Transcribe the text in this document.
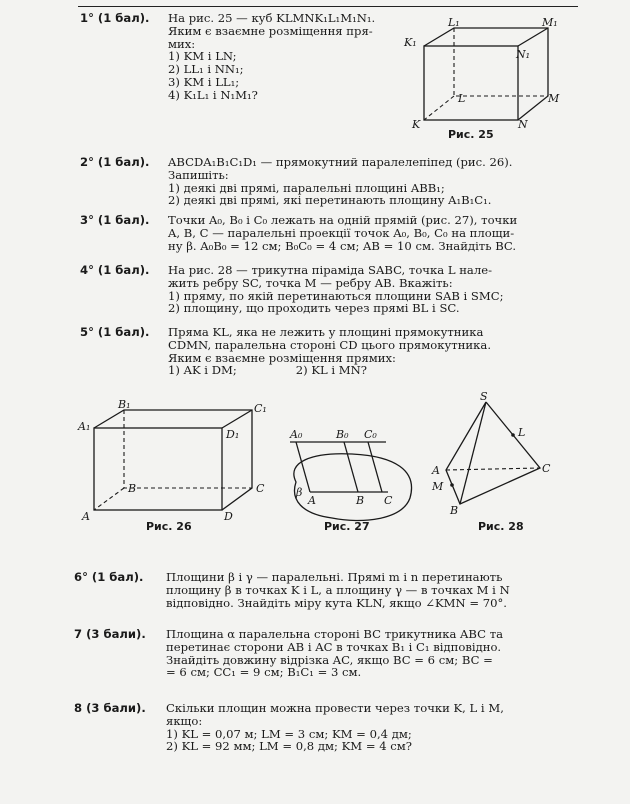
1° (1 бал). На рис. 25 — куб KLMNK₁L₁M₁N₁.
Яким є взаємне розміщення пря-
мих:
1) KM і LN;
2) LL₁ і NN₁;
3) KM і LL₁;
4) K₁L₁ і N₁M₁?
L₁	M₁
K₁
N₁
L	M
K	N
Рис. 25
2° (1 бал). ABCDA₁B₁C₁D₁ — прямокутний паралелепіпед (рис. 26).
Запишіть:
1) деякі дві прямі, паралельні площині ABB₁;
2) деякі дві прямі, які перетинають площину A₁B₁C₁.
3° (1 бал). Точки A₀, B₀ і C₀ лежать на одній прямій (рис. 27), точки
A, B, C — паралельні проекції точок A₀, B₀, C₀ на площи-
ну β. A₀B₀ = 12 см; B₀C₀ = 4 см; AB = 10 см. Знайдіть BC.
4° (1 бал). На рис. 28 — трикутна піраміда SABC, точка L нале-
жить ребру SC, точка M — ребру AB. Вкажіть:
1) пряму, по якій перетинаються площини SAB і SMC;
2) площину, що проходить через прямі BL і SC.
5° (1 бал). Пряма KL, яка не лежить у площині прямокутника
CDMN, паралельна стороні CD цього прямокутника.
Яким є взаємне розміщення прямих:
1) AK і DM;                2) KL і MN?
B₁	C₁
A₁
D₁
B	C
A	D
Рис. 26
A₀	B₀ C₀
β
A	B C
Рис. 27
S
L
A	C
M
B
Рис. 28
6° (1 бал). Площини β і γ — паралельні. Прямі m і n перетинають
площину β в точках K і L, а площину γ — в точках M і N
відповідно. Знайдіть міру кута KLN, якщо ∠KMN = 70°.
7 (3 бали). Площина α паралельна стороні BC трикутника ABC та
перетинає сторони AB і AC в точках B₁ і C₁ відповідно.
Знайдіть довжину відрізка AC, якщо BC = 6 см; BC =
= 6 см; CC₁ = 9 см; B₁C₁ = 3 см.
8 (3 бали). Скільки площин можна провести через точки K, L і M,
якщо:
1) KL = 0,07 м; LM = 3 см; KM = 0,4 дм;
2) KL = 92 мм; LM = 0,8 дм; KM = 4 см?
